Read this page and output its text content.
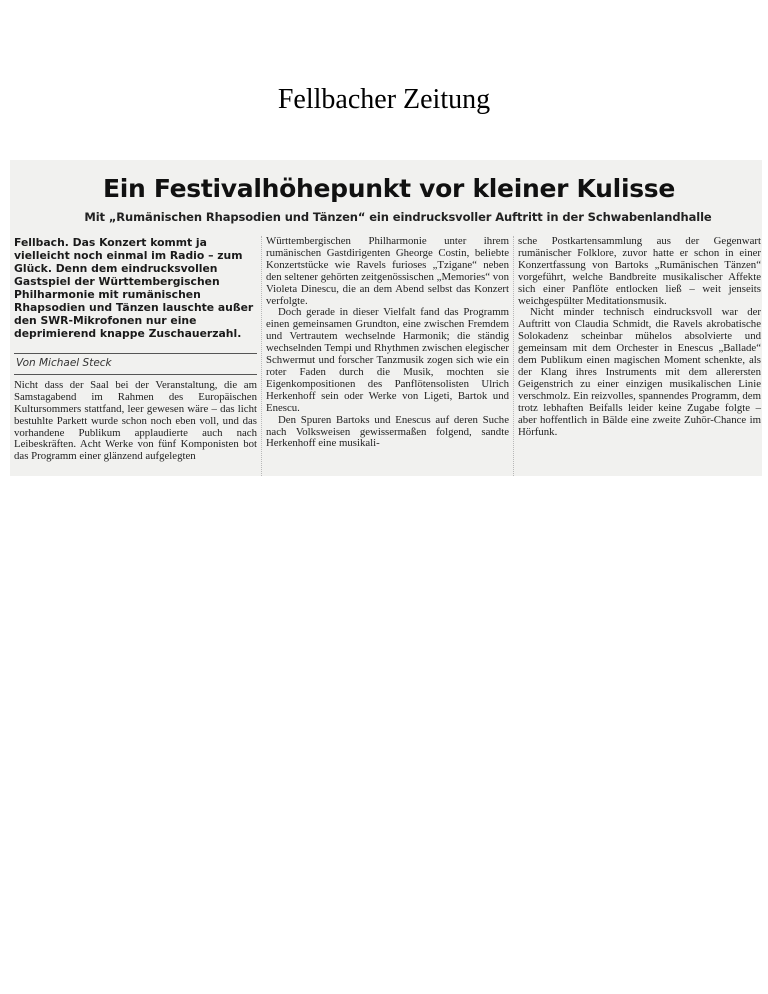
Fellbacher Zeitung
Ein Festivalhöhepunkt vor kleiner Kulisse
Mit „Rumänischen Rhapsodien und Tänzen“ ein eindrucksvoller Auftritt in der Schwabenlandhalle

Fellbach. Das Konzert kommt ja vielleicht noch einmal im Radio – zum Glück. Denn dem eindrucksvollen Gastspiel der Württembergischen Philharmonie mit rumänischen Rhapsodien und Tänzen lauschte außer den SWR-Mikrofonen nur eine deprimierend knappe Zuschauerzahl.

Von Michael Steck

Nicht dass der Saal bei der Veranstaltung, die am Samstagabend im Rahmen des Europäischen Kultursommers stattfand, leer gewesen wäre – das licht bestuhlte Parkett wurde schon noch eben voll, und das vorhandene Publikum applaudierte auch nach Leibeskräften. Acht Werke von fünf Komponisten bot das Programm einer glänzend aufgelegten

Württembergischen Philharmonie unter ihrem rumänischen Gastdirigenten Gheorge Costin, beliebte Konzertstücke wie Ravels furioses „Tzigane“ neben den seltener gehörten zeitgenössischen „Memories“ von Violeta Dinescu, die an dem Abend selbst das Konzert verfolgte.

Doch gerade in dieser Vielfalt fand das Programm einen gemeinsamen Grundton, eine zwischen Fremdem und Vertrautem wechselnde Harmonik; die ständig wechselnden Tempi und Rhythmen zwischen elegischer Schwermut und forscher Tanzmusik zogen sich wie ein roter Faden durch die Musik, mochten sie Eigenkompositionen des Panflötensolisten Ulrich Herkenhoff sein oder Werke von Ligeti, Bartok und Enescu.

Den Spuren Bartoks und Enescus auf deren Suche nach Volksweisen gewissermaßen folgend, sandte Herkenhoff eine musikali-

sche Postkartensammlung aus der Gegenwart rumänischer Folklore, zuvor hatte er schon in einer Konzertfassung von Bartoks „Rumänischen Tänzen“ vorgeführt, welche Bandbreite musikalischer Affekte sich einer Panflöte entlocken ließ – weit jenseits weichgespülter Meditationsmusik.

Nicht minder technisch eindrucksvoll war der Auftritt von Claudia Schmidt, die Ravels akrobatische Solokadenz scheinbar mühelos absolvierte und gemeinsam mit dem Orchester in Enescus „Ballade“ dem Publikum einen magischen Moment schenkte, als der Klang ihres Instruments mit dem allerersten Geigenstrich zu einer einzigen musikalischen Linie verschmolz. Ein reizvolles, spannendes Programm, dem trotz lebhaften Beifalls leider keine Zugabe folgte – aber hoffentlich in Bälde eine zweite Zuhör-Chance im Hörfunk.
